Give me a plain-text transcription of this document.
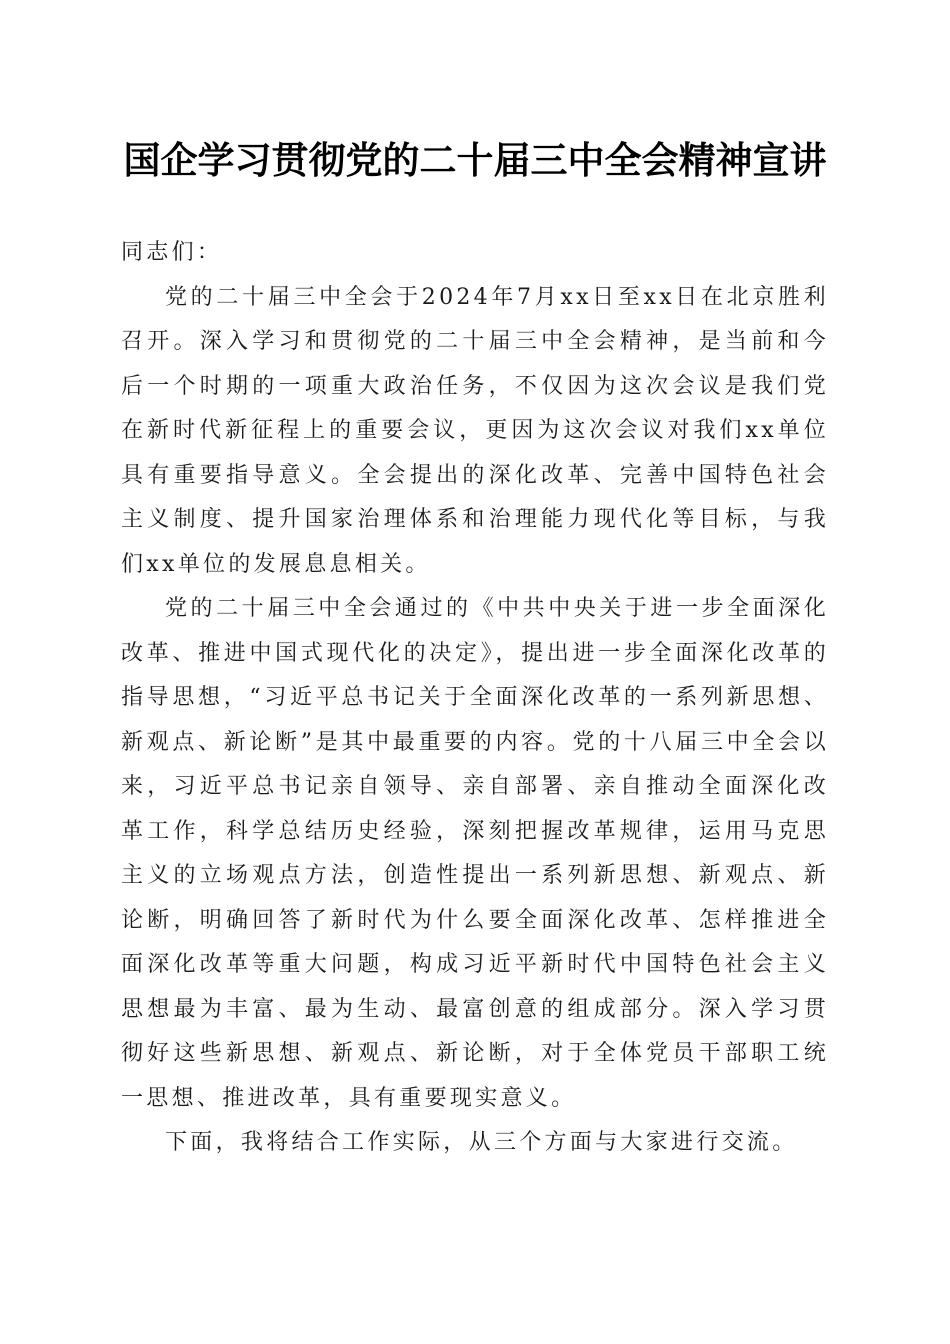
国企学习贯彻党的二十届三中全会精神宣讲

同志们：

党的二十届三中全会于2024年7月xx日至xx日在北京胜利召开。深入学习和贯彻党的二十届三中全会精神，是当前和今后一个时期的一项重大政治任务，不仅因为这次会议是我们党在新时代新征程上的重要会议，更因为这次会议对我们xx单位具有重要指导意义。全会提出的深化改革、完善中国特色社会主义制度、提升国家治理体系和治理能力现代化等目标，与我们xx单位的发展息息相关。

党的二十届三中全会通过的《中共中央关于进一步全面深化改革、推进中国式现代化的决定》，提出进一步全面深化改革的指导思想，“习近平总书记关于全面深化改革的一系列新思想、新观点、新论断”是其中最重要的内容。党的十八届三中全会以来，习近平总书记亲自领导、亲自部署、亲自推动全面深化改革工作，科学总结历史经验，深刻把握改革规律，运用马克思主义的立场观点方法，创造性提出一系列新思想、新观点、新论断，明确回答了新时代为什么要全面深化改革、怎样推进全面深化改革等重大问题，构成习近平新时代中国特色社会主义思想最为丰富、最为生动、最富创意的组成部分。深入学习贯彻好这些新思想、新观点、新论断，对于全体党员干部职工统一思想、推进改革，具有重要现实意义。

下面，我将结合工作实际，从三个方面与大家进行交流。
